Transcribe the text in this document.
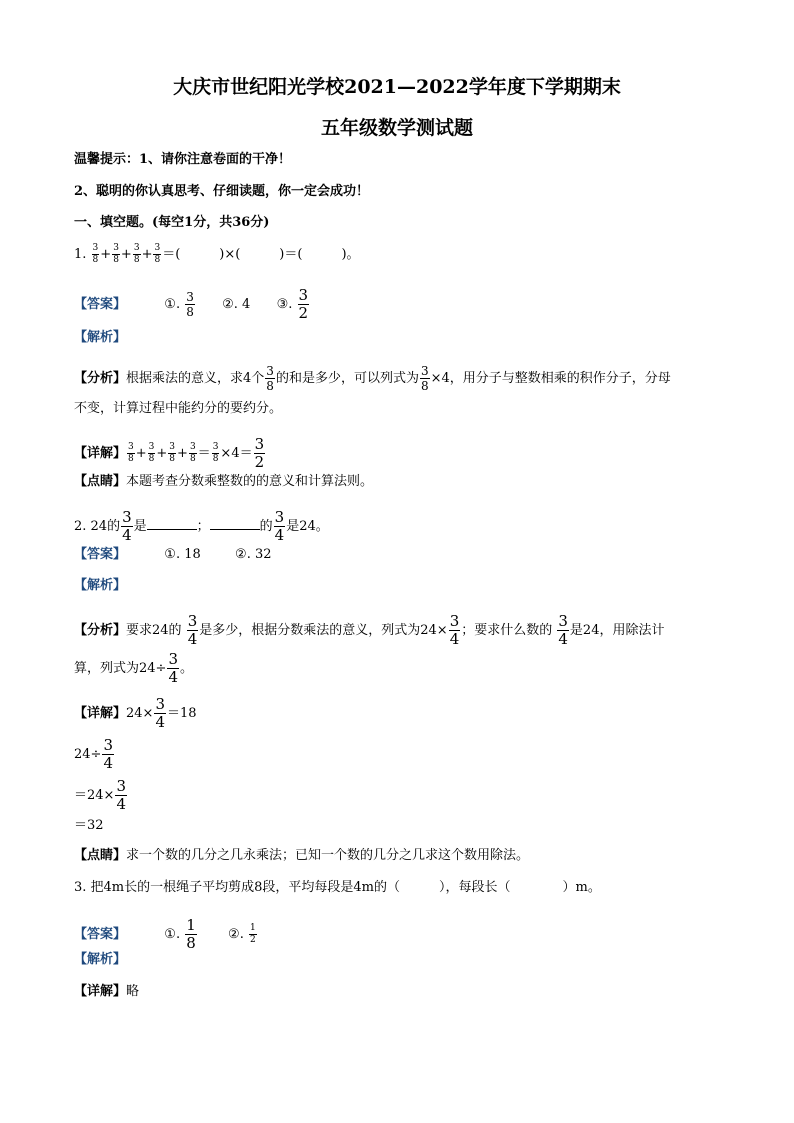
大庆市世纪阳光学校2021—2022学年度下学期期末
五年级数学测试题
温馨提示：1、请你注意卷面的干净！
2、聪明的你认真思考、仔细读题，你一定会成功！
一、填空题。(每空1分，共36分)
1. $\frac{3}{8} + \frac{3}{8} + \frac{3}{8} + \frac{3}{8}$ ＝(　　　)×(　　　)＝(　　　)。
【答案】	①. $\frac{3}{8}$ ②. 4 ③. $\frac{3}{2}$
【解析】
【分析】根据乘法的意义，求4个 $\frac{3}{8}$ 的和是多少，可以列式为 $\frac{3}{8} \times 4$，用分子与整数相乘的积作分子，分母
不变，计算过程中能约分的要约分。
【详解】 $\frac{3}{8} + \frac{3}{8} + \frac{3}{8} + \frac{3}{8} = \frac{3}{8} \times 4= \frac{3}{2}$
【点睛】本题考查分数乘整数的的意义和计算法则。
2. 24的 $\frac{3}{4}$ 是	；	的 $\frac{3}{4}$ 是24。
【答案】	①. 18	②. 32
【解析】
【分析】要求24的 $\frac{3}{4}$ 是多少，根据分数乘法的意义，列式为$24\times \frac{3}{4}$ ；要求什么数的 $\frac{3}{4}$ 是24，用除法计
算，列式为$24\div \frac{3}{4}$ 。
【详解】$24\times \frac{3}{4} =18$
$24\div \frac{3}{4}$
$=24\times \frac{3}{4}$
＝32
【点睛】求一个数的几分之几永乘法；已知一个数的几分之几求这个数用除法。
3. 把4m长的一根绳子平均剪成8段，平均每段是4m的（　　　），每段长（　　　　）m。
【答案】	①. $\frac{1}{8}$ ②. $\frac{1}{2}$
【解析】
【详解】略
